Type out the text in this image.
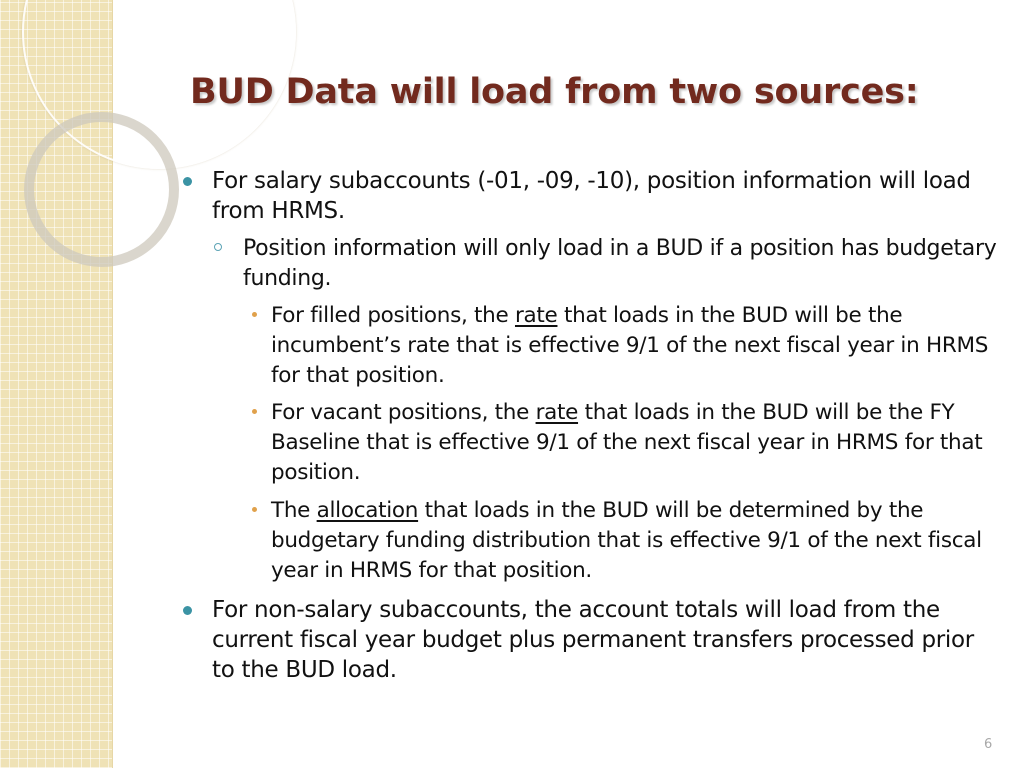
BUD Data will load from two sources:
For salary subaccounts (-01, -09, -10), position information will load from HRMS.
Position information will only load in a BUD if a position has budgetary funding.
For filled positions, the rate that loads in the BUD will be the incumbent’s rate that is effective 9/1 of the next fiscal year in HRMS for that position.
For vacant positions, the rate that loads in the BUD will be the FY Baseline that is effective 9/1 of the next fiscal year in HRMS for that position.
The allocation that loads in the BUD will be determined by the budgetary funding distribution that is effective 9/1 of the next fiscal year in HRMS for that position.
For non-salary subaccounts, the account totals will load from the current fiscal year budget plus permanent transfers processed prior to the BUD load.
6
